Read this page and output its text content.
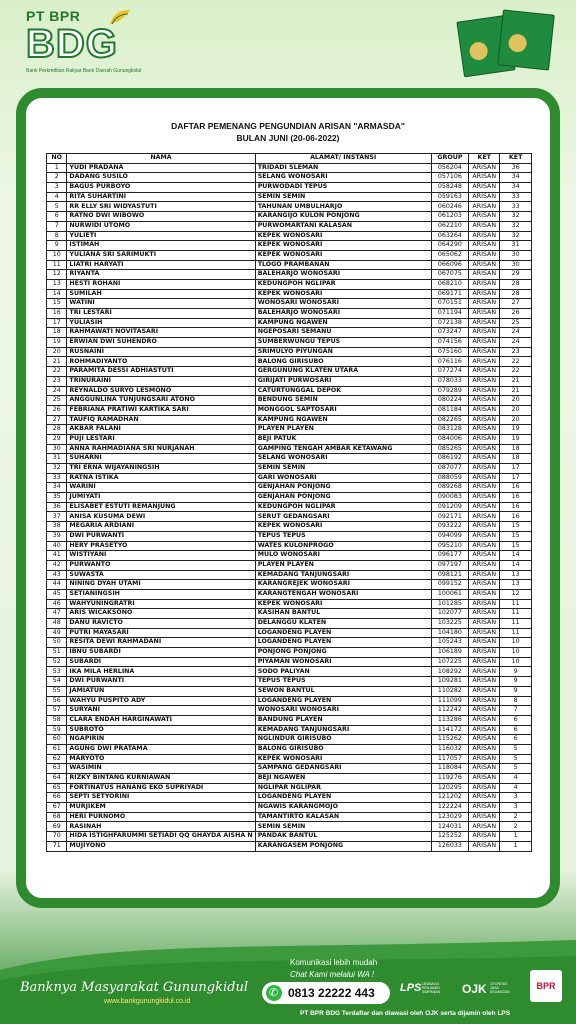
PT BPR
BDG
Bank Perkreditan Rakyat Bank Daerah Gunungkidul
DAFTAR PEMENANG PENGUNDIAN ARISAN "ARMASDA"
BULAN JUNI (20-06-2022)
NO	NAMA	ALAMAT/ INSTANSI	GROUP	KET	KET
1	YUDI PRADANA	TRIDADI SLEMAN	056204	ARISAN	36
2	DADANG SUSILO	SELANG WONOSARI	057106	ARISAN	34
3	BAGUS PURBOYO	PURWODADI TEPUS	058248	ARISAN	34
4	RITA SUHARTINI	SEMIN SEMIN	059163	ARISAN	33
5	RR ELLY SRI WIDYASTUTI	TAHUNAN UMBULHARJO	060246	ARISAN	33
6	RATNO DWI WIBOWO	KARANGIJO KULON PONJONG	061203	ARISAN	32
7	NURWIDI UTOMO	PURWOMARTANI KALASAN	062210	ARISAN	32
8	YULIETI	KEPEK WONOSARI	063264	ARISAN	32
9	ISTIMAH	KEPEK WONOSARI	064290	ARISAN	31
10	YULIANA SRI SARIMUKTI	KEPEK WONOSARI	065062	ARISAN	30
11	LIATRI HARYATI	TLOGO PRAMBANAN	066096	ARISAN	30
12	RIYANTA	BALEHARJO WONOSARI	067075	ARISAN	29
13	HESTI ROHANI	KEDUNGPOH NGLIPAR	068210	ARISAN	28
14	SUMILAH	KEPEK WONOSARI	069171	ARISAN	28
15	WATINI	WONOSARI WONOSARI	070151	ARISAN	27
16	TRI LESTARI	BALEHARJO WONOSARI	071194	ARISAN	26
17	YULIASIH	KAMPUNG NGAWEN	072138	ARISAN	25
18	RAHMAWATI NOVITASARI	NGEPOSARI SEMANU	073247	ARISAN	24
19	ERWIAN DWI SUHENDRO	SUMBERWUNGU TEPUS	074156	ARISAN	24
20	RUSNAINI	SRIMULYO PIYUNGAN	075160	ARISAN	23
21	ROHMADIYANTO	BALONG GIRISUBO	076116	ARISAN	22
22	PARAMITA DESSI ADHIASTUTI	GERGUNUNG KLATEN UTARA	077274	ARISAN	22
23	TRINURAINI	GIRIJATI PURWOSARI	078033	ARISAN	21
24	REYNALDO SURYO LESMONO	CATURTUNGGAL DEPOK	079289	ARISAN	21
25	ANGGUNLINA TUNJUNGSARI ATONO	BENDUNG SEMIN	080224	ARISAN	20
26	FEBRIANA PRATIWI KARTIKA SARI	MONGGOL SAPTOSARI	081184	ARISAN	20
27	TAUFIQ RAMADHAN	KAMPUNG NGAWEN	082265	ARISAN	20
28	AKBAR FALANI	PLAYEN PLAYEN	083128	ARISAN	19
29	PUJI LESTARI	BEJI PATUK	084006	ARISAN	19
30	ANNA RAHMADIANA SRI NURJANAH	GAMPING TENGAH AMBAR KETAWANG	085265	ARISAN	18
31	SUHARNI	SELANG WONOSARI	086192	ARISAN	18
32	TRI ERNA WIJAYANINGSIH	SEMIN SEMIN	087077	ARISAN	17
33	RATNA ISTIKA	GARI WONOSARI	088059	ARISAN	17
34	WARINI	GENJAHAN PONJONG	089268	ARISAN	16
35	JUMIYATI	GENJAHAN PONJONG	090083	ARISAN	16
36	ELISABET ESTUTI REMANJUNG	KEDUNGPOH NGLIPAR	091209	ARISAN	16
37	ANISA KUSUMA DEWI	SERUT GEDANGSARI	092171	ARISAN	16
38	MEGARIA ARDIANI	KEPEK WONOSARI	093222	ARISAN	15
39	DWI PURWANTI	TEPUS TEPUS	094099	ARISAN	15
40	HERY PRASETYO	WATES KULONPROGO	095210	ARISAN	15
41	WISTIYANI	MULO WONOSARI	096177	ARISAN	14
42	PURWANTO	PLAYEN PLAYEN	097197	ARISAN	14
43	SUWASTA	KEMADANG TANJUNGSARI	098121	ARISAN	13
44	NINING DYAH UTAMI	KARANGREJEK WONOSARI	099152	ARISAN	13
45	SETIANINGSIH	KARANGTENGAH WONOSARI	100061	ARISAN	12
46	WAHYUNINGRATRI	KEPEK WONOSARI	101285	ARISAN	11
47	ARIS WICAKSONO	KASIHAN BANTUL	102077	ARISAN	11
48	DANU RAVICTO	DELANGGU KLATEN	103225	ARISAN	11
49	PUTRI MAYASARI	LOGANDENG PLAYEN	104180	ARISAN	11
50	RESITA DEWI RAHMADANI	LOGANDENG PLAYEN	105243	ARISAN	10
51	IBNU SUBARDI	PONJONG PONJONG	106189	ARISAN	10
52	SUBARDI	PIYAMAN WONOSARI	107225	ARISAN	10
53	IKA MILA HERLINA	SODO PALIYAN	108292	ARISAN	9
54	DWI PURWANTI	TEPUS TEPUS	109281	ARISAN	9
55	JAMIATUN	SEWON BANTUL	110282	ARISAN	9
56	WAHYU PUSPITO ADY	LOGANDENG PLAYEN	111099	ARISAN	8
57	SURYANI	WONOSARI WONOSARI	112242	ARISAN	7
58	CLARA ENDAH HARGINAWATI	BANDUNG PLAYEN	113286	ARISAN	6
59	SUBROTO	KEMADANG TANJUNGSARI	114172	ARISAN	6
60	NGAPIRIN	NGLINDUR GIRISUBO	115262	ARISAN	6
61	AGUNG DWI PRATAMA	BALONG GIRISUBO	116032	ARISAN	5
62	MARYOTO	KEPEK WONOSARI	117057	ARISAN	5
63	WASIMIN	SAMPANG GEDANGSARI	118084	ARISAN	5
64	RIZKY BINTANG KURNIAWAN	BEJI NGAWEN	119276	ARISAN	4
65	FORTINATUS HANANG EKO SUPRIYADI	NGLIPAR NGLIPAR	120295	ARISAN	4
66	SEPTI SETYORINI	LOGANDENG PLAYEN	121202	ARISAN	3
67	MURJIKEM	NGAWIS KARANGMOJO	122224	ARISAN	3
68	HERI PURNOMO	TAMANTIRTO KALASAN	123029	ARISAN	2
69	RASINAH	SEMIN SEMIN	124031	ARISAN	2
70	HIDA ISTIGHFARUMMI SETIADI QQ GHAYDA AISHA N	PANDAK BANTUL	125252	ARISAN	1
71	MUJIYONO	KARANGASEM PONJONG	126033	ARISAN	1
Banknya Masyarakat Gunungkidul
www.bankgunungkidul.co.id
Komunikasi lebih mudah
Chat Kami melalui WA !
✆
0813 22222 443 LPS LEMBAGA PENJAMIN SIMPANAN	OJK OTORITAS JASA KEUANGAN
BPR
PT BPR BDG Terdaftar dan diawasi oleh OJK serta dijamin oleh LPS
